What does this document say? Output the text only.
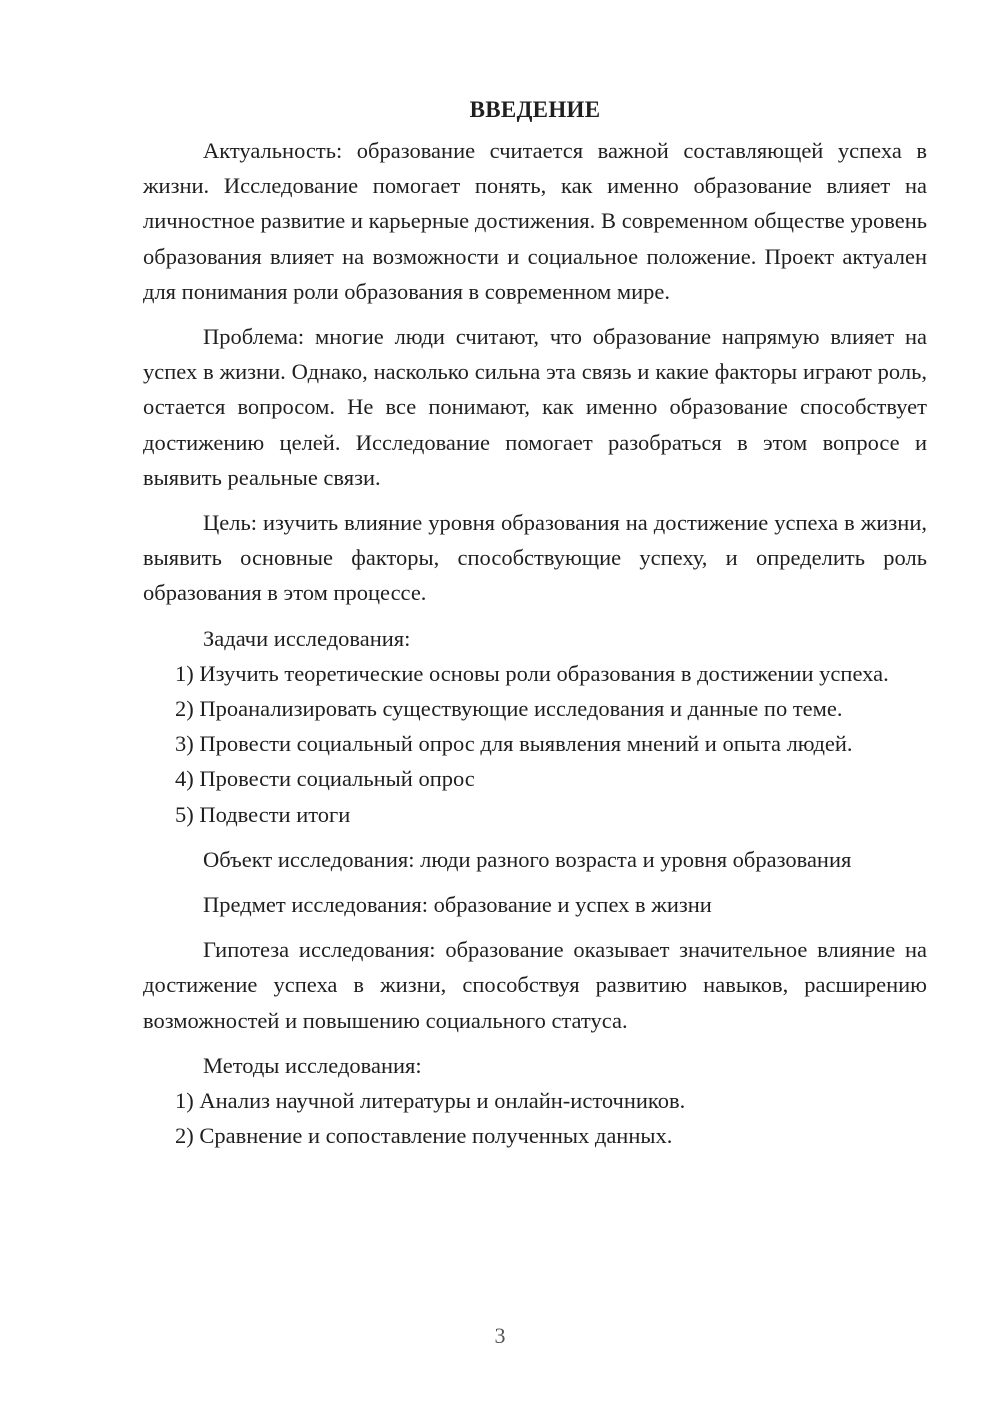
ВВЕДЕНИЕ

Актуальность: образование считается важной составляющей успеха в жизни. Исследование помогает понять, как именно образование влияет на личностное развитие и карьерные достижения. В современном обществе уровень образования влияет на возможности и социальное положение. Проект актуален для понимания роли образования в современном мире.

Проблема: многие люди считают, что образование напрямую влияет на успех в жизни. Однако, насколько сильна эта связь и какие факторы играют роль, остается вопросом. Не все понимают, как именно образование способствует достижению целей. Исследование помогает разобраться в этом вопросе и выявить реальные связи.

Цель: изучить влияние уровня образования на достижение успеха в жизни, выявить основные факторы, способствующие успеху, и определить роль образования в этом процессе.

Задачи исследования:

1) Изучить теоретические основы роли образования в достижении успеха.

2) Проанализировать существующие исследования и данные по теме.

3) Провести социальный опрос для выявления мнений и опыта людей.

4) Провести социальный опрос

5) Подвести итоги

Объект исследования: люди разного возраста и уровня образования

Предмет исследования: образование и успех в жизни

Гипотеза исследования: образование оказывает значительное влияние на достижение успеха в жизни, способствуя развитию навыков, расширению возможностей и повышению социального статуса.

Методы исследования:

1) Анализ научной литературы и онлайн-источников.

2) Сравнение и сопоставление полученных данных.

3
